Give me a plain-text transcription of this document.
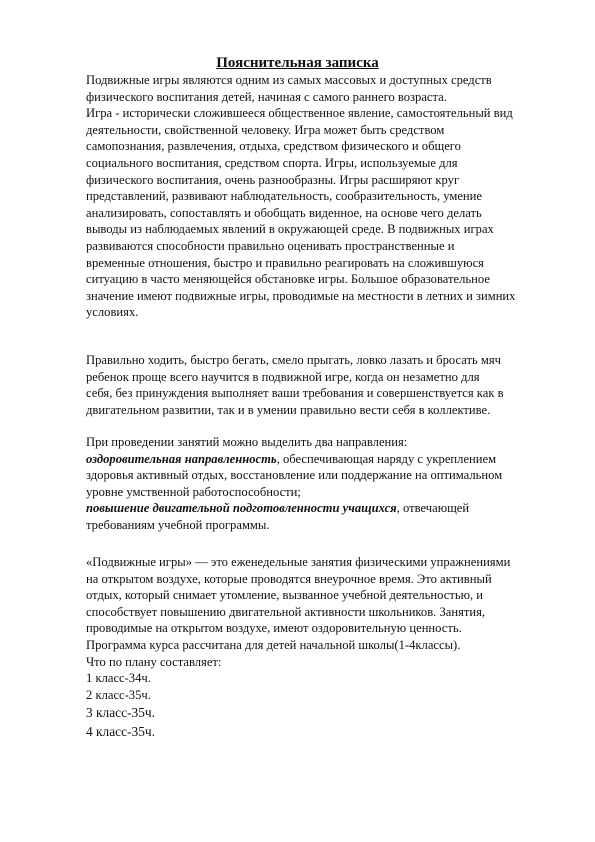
Пояснительная записка
Подвижные игры являются одним из самых массовых и доступных средств
физического воспитания детей, начиная с самого раннего возраста.
Игра - исторически сложившееся общественное явление, самостоятельный вид
деятельности, свойственной человеку. Игра может быть средством
самопознания, развлечения, отдыха, средством физического и общего
социального воспитания, средством спорта. Игры, используемые для
физического воспитания, очень разнообразны. Игры расширяют круг
представлений, развивают наблюдательность, сообразительность, умение
анализировать, сопоставлять и обобщать виденное, на основе чего делать
выводы из наблюдаемых явлений в окружающей среде. В подвижных играх
развиваются способности правильно оценивать пространственные и
временные отношения, быстро и правильно реагировать на сложившуюся
ситуацию в часто меняющейся обстановке игры. Большое образовательное
значение имеют подвижные игры, проводимые на местности в летних и зимних
условиях.
Правильно ходить, быстро бегать, смело прыгать, ловко лазать и бросать мяч
ребенок проще всего научится в подвижной игре, когда он незаметно для
себя, без принуждения выполняет ваши требования и совершенствуется как в
двигательном развитии, так и в умении правильно вести себя в коллективе.
При проведении занятий можно выделить два направления:
оздоровительная направленность, обеспечивающая наряду с укреплением
здоровья активный отдых, восстановление или поддержание на оптимальном
уровне умственной работоспособности;
повышение двигательной подготовленности учащихся, отвечающей
требованиям учебной программы.
«Подвижные игры» — это еженедельные занятия физическими упражнениями
на открытом воздухе, которые проводятся внеурочное время. Это активный
отдых, который снимает утомление, вызванное учебной деятельностью, и
способствует повышению двигательной активности школьников. Занятия,
проводимые на открытом воздухе, имеют оздоровительную ценность.
Программа курса рассчитана для детей начальной школы(1-4классы).
Что по плану составляет:
1 класс-34ч.
2 класс-35ч.
3 класс-35ч.
4 класс-35ч.
